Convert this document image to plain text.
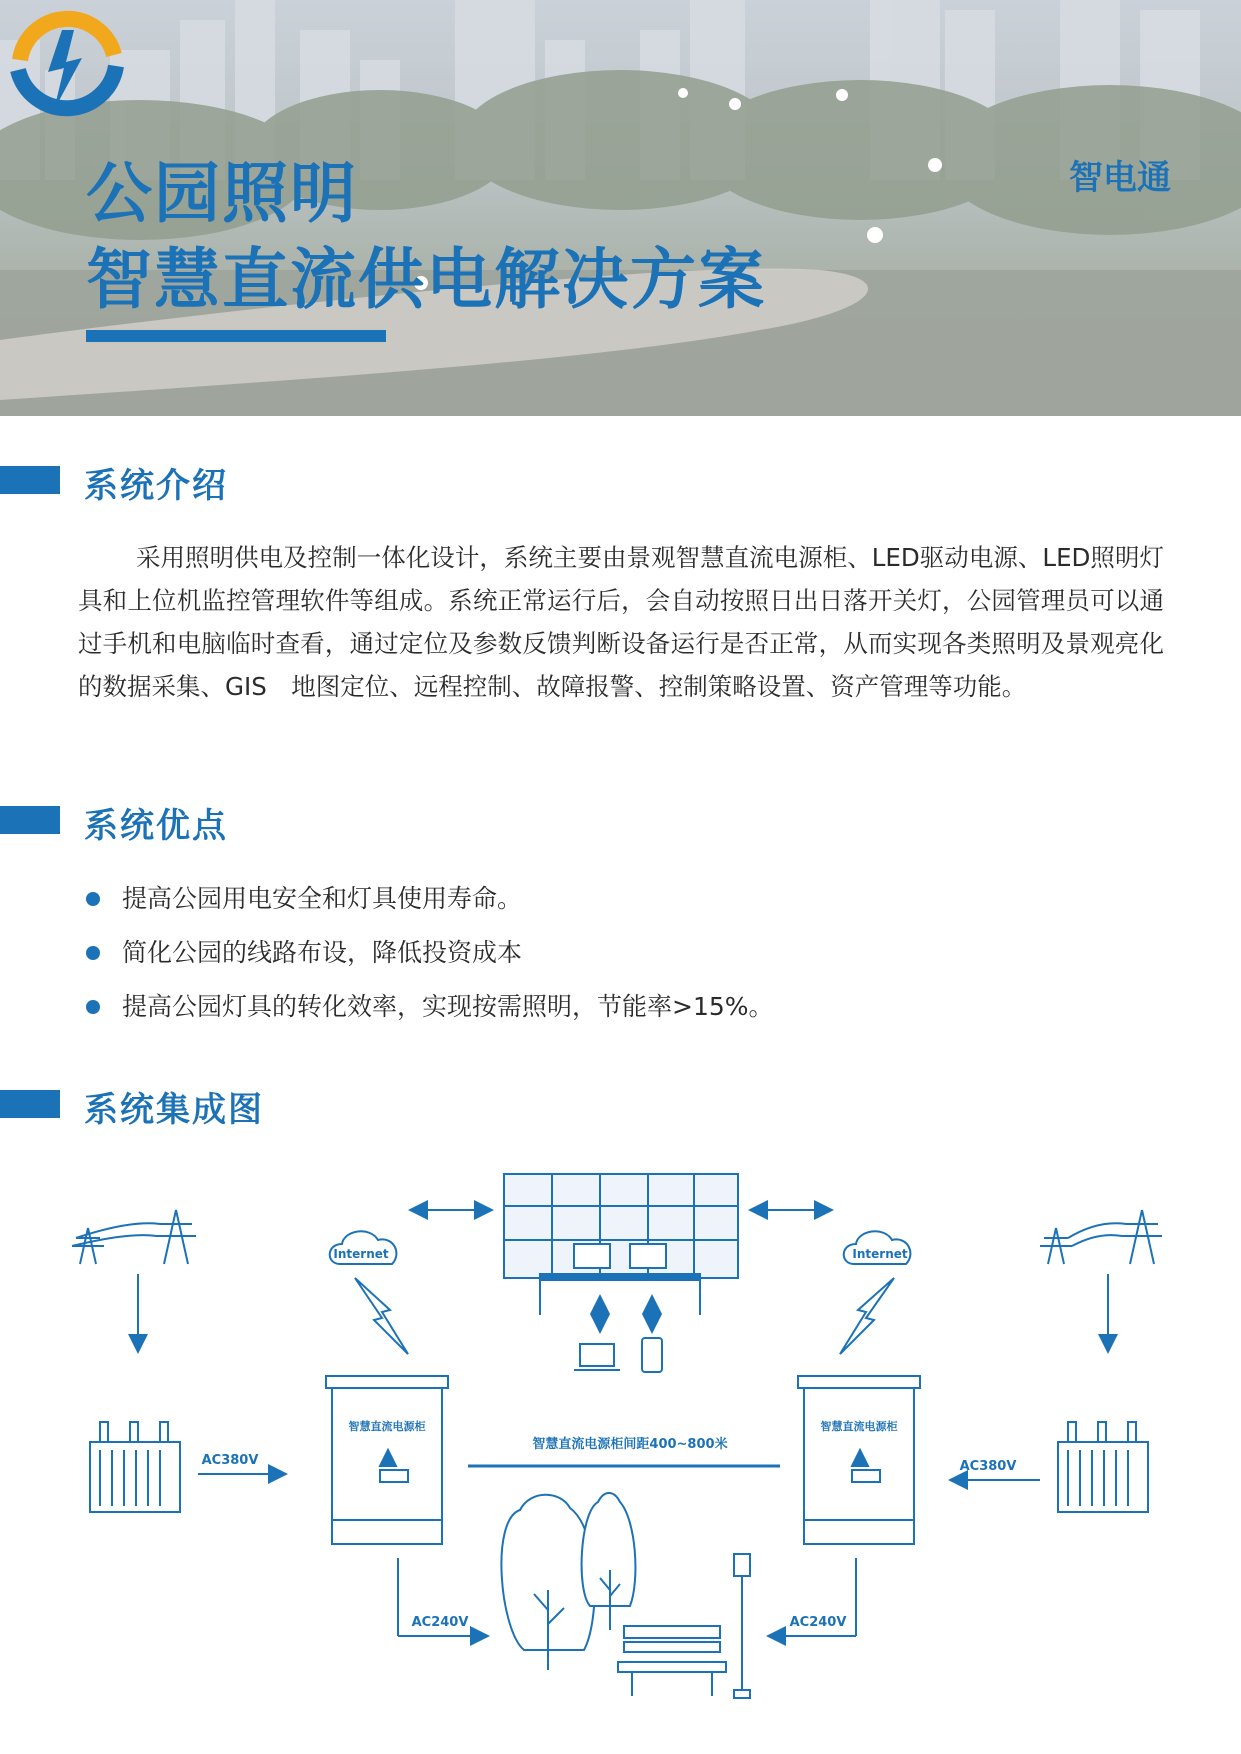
公园照明
智慧直流供电解决方案
智电通
系统介绍

采用照明供电及控制一体化设计，系统主要由景观智慧直流电源柜、LED驱动电源、LED照明灯具和上位机监控管理软件等组成。系统正常运行后，会自动按照日出日落开关灯，公园管理员可以通过手机和电脑临时查看，通过定位及参数反馈判断设备运行是否正常，从而实现各类照明及景观亮化的数据采集、GIS　地图定位、远程控制、故障报警、控制策略设置、资产管理等功能。

系统优点
提高公园用电安全和灯具使用寿命。
简化公园的线路布设，降低投资成本
提高公园灯具的转化效率，实现按需照明，节能率>15%。
系统集成图
Internet	Internet
AC380V	AC380V
智慧直流电源柜	智慧直流电源柜
智慧直流电源柜间距400~800米
AC240V	AC240V
